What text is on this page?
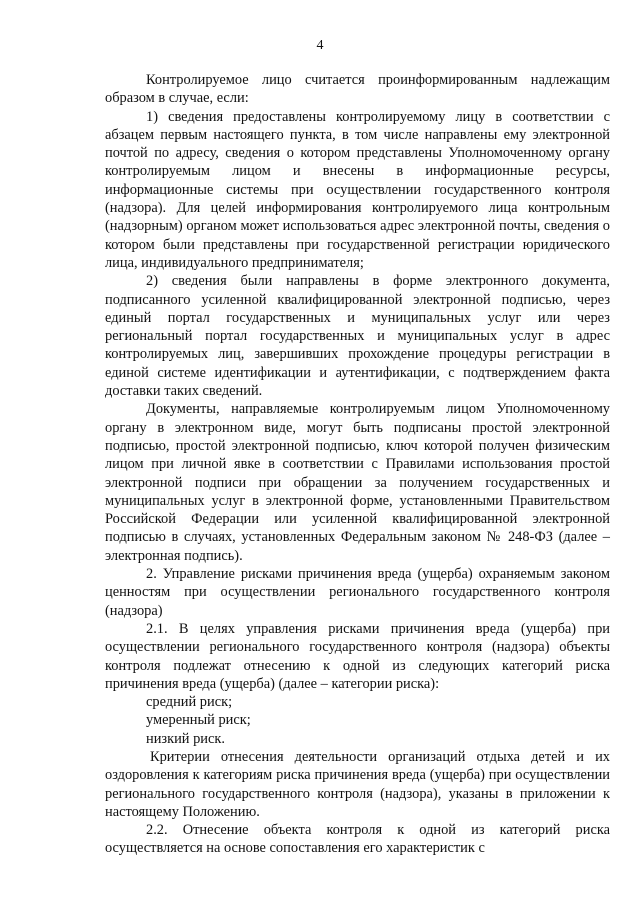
4

Контролируемое лицо считается проинформированным надлежащим образом в случае, если:

1) сведения предоставлены контролируемому лицу в соответствии с абзацем первым настоящего пункта, в том числе направлены ему электронной почтой по адресу, сведения о котором представлены Уполномоченному органу контролируемым лицом и внесены в информационные ресурсы, информационные системы при осуществлении государственного контроля (надзора). Для целей информирования контролируемого лица контрольным (надзорным) органом может использоваться адрес электронной почты, сведения о котором были представлены при государственной регистрации юридического лица, индивидуального предпринимателя;

2) сведения были направлены в форме электронного документа, подписанного усиленной квалифицированной электронной подписью, через единый портал государственных и муниципальных услуг или через региональный портал государственных и муниципальных услуг в адрес контролируемых лиц, завершивших прохождение процедуры регистрации в единой системе идентификации и аутентификации, с подтверждением факта доставки таких сведений.

Документы, направляемые контролируемым лицом Уполномоченному органу в электронном виде, могут быть подписаны простой электронной подписью, простой электронной подписью, ключ которой получен физическим лицом при личной явке в соответствии с Правилами использования простой электронной подписи при обращении за получением государственных и муниципальных услуг в электронной форме, установленными Правительством Российской Федерации или усиленной квалифицированной электронной подписью в случаях, установленных Федеральным законом № 248-ФЗ (далее – электронная подпись).

2. Управление рисками причинения вреда (ущерба) охраняемым законом ценностям при осуществлении регионального государственного контроля (надзора)

2.1. В целях управления рисками причинения вреда (ущерба) при осуществлении регионального государственного контроля (надзора) объекты контроля подлежат отнесению к одной из следующих категорий риска причинения вреда (ущерба) (далее – категории риска):

средний риск;

умеренный риск;

низкий риск.

Критерии отнесения деятельности организаций отдыха детей и их оздоровления к категориям риска причинения вреда (ущерба) при осуществлении регионального государственного контроля (надзора), указаны в приложении к настоящему Положению.

2.2. Отнесение объекта контроля к одной из категорий риска осуществляется на основе сопоставления его характеристик с
